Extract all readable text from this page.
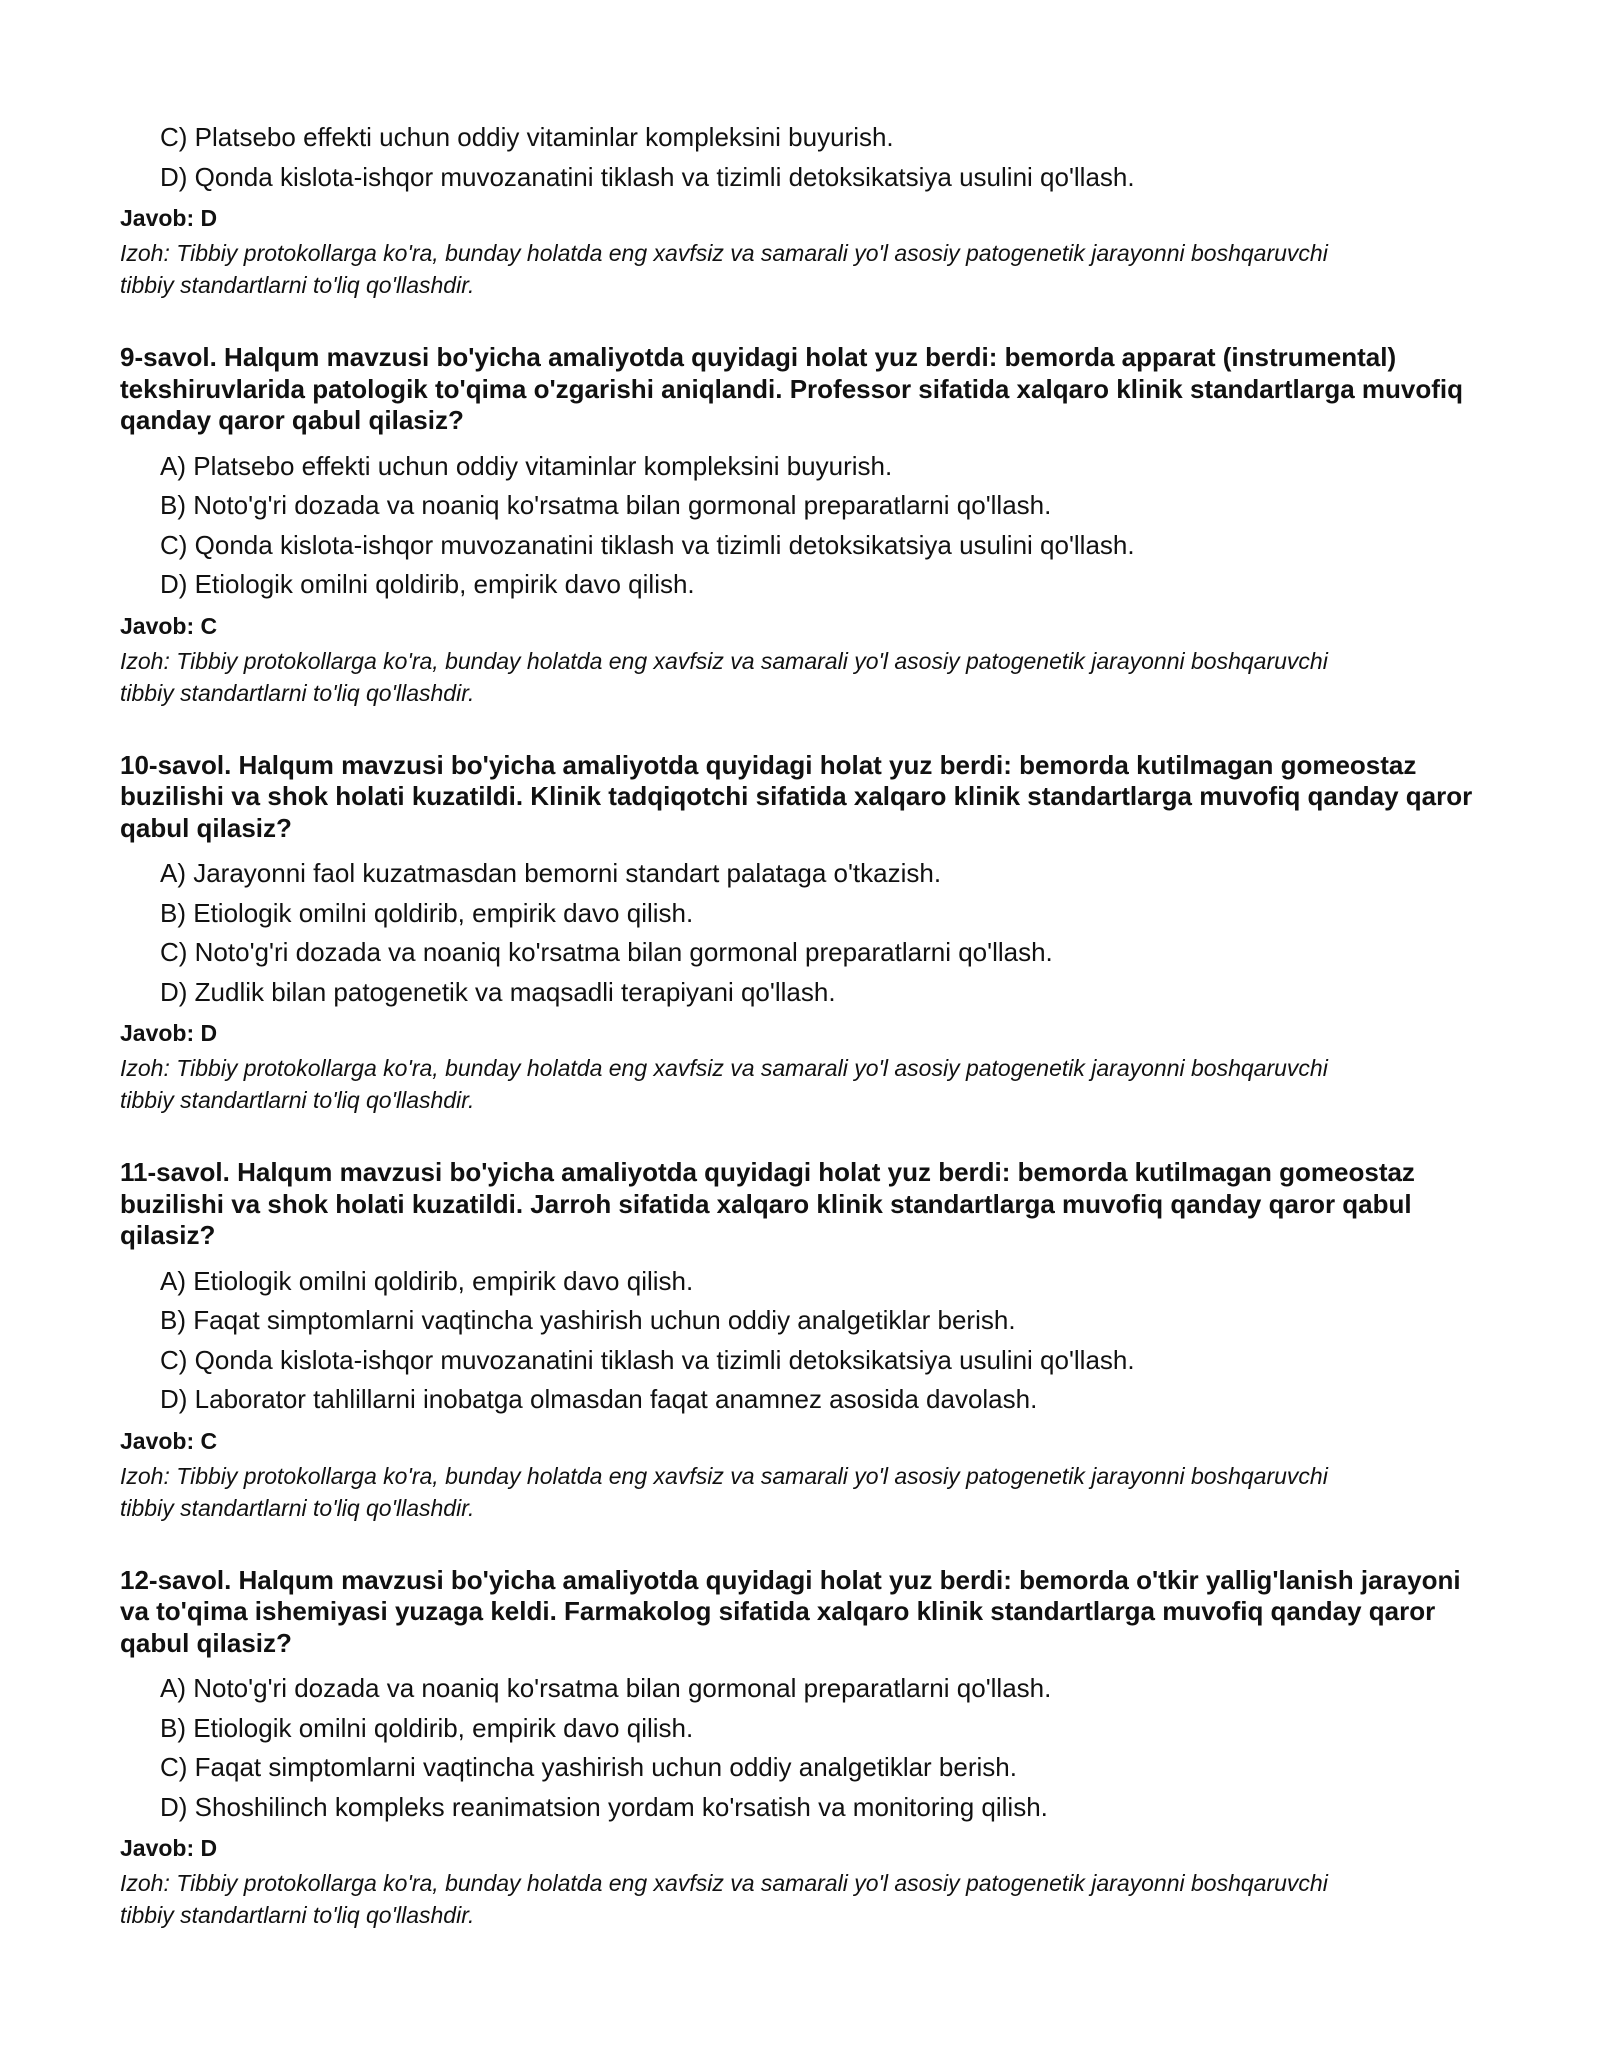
C) Platsebo effekti uchun oddiy vitaminlar kompleksini buyurish.
D) Qonda kislota-ishqor muvozanatini tiklash va tizimli detoksikatsiya usulini qo'llash.
Javob: D
Izoh: Tibbiy protokollarga ko'ra, bunday holatda eng xavfsiz va samarali yo'l asosiy patogenetik jarayonni boshqaruvchi tibbiy standartlarni to'liq qo'llashdir.
9-savol. Halqum mavzusi bo'yicha amaliyotda quyidagi holat yuz berdi: bemorda apparat (instrumental) tekshiruvlarida patologik to'qima o'zgarishi aniqlandi. Professor sifatida xalqaro klinik standartlarga muvofiq qanday qaror qabul qilasiz?
A) Platsebo effekti uchun oddiy vitaminlar kompleksini buyurish.
B) Noto'g'ri dozada va noaniq ko'rsatma bilan gormonal preparatlarni qo'llash.
C) Qonda kislota-ishqor muvozanatini tiklash va tizimli detoksikatsiya usulini qo'llash.
D) Etiologik omilni qoldirib, empirik davo qilish.
Javob: C
Izoh: Tibbiy protokollarga ko'ra, bunday holatda eng xavfsiz va samarali yo'l asosiy patogenetik jarayonni boshqaruvchi tibbiy standartlarni to'liq qo'llashdir.
10-savol. Halqum mavzusi bo'yicha amaliyotda quyidagi holat yuz berdi: bemorda kutilmagan gomeostaz buzilishi va shok holati kuzatildi. Klinik tadqiqotchi sifatida xalqaro klinik standartlarga muvofiq qanday qaror qabul qilasiz?
A) Jarayonni faol kuzatmasdan bemorni standart palataga o'tkazish.
B) Etiologik omilni qoldirib, empirik davo qilish.
C) Noto'g'ri dozada va noaniq ko'rsatma bilan gormonal preparatlarni qo'llash.
D) Zudlik bilan patogenetik va maqsadli terapiyani qo'llash.
Javob: D
Izoh: Tibbiy protokollarga ko'ra, bunday holatda eng xavfsiz va samarali yo'l asosiy patogenetik jarayonni boshqaruvchi tibbiy standartlarni to'liq qo'llashdir.
11-savol. Halqum mavzusi bo'yicha amaliyotda quyidagi holat yuz berdi: bemorda kutilmagan gomeostaz buzilishi va shok holati kuzatildi. Jarroh sifatida xalqaro klinik standartlarga muvofiq qanday qaror qabul qilasiz?
A) Etiologik omilni qoldirib, empirik davo qilish.
B) Faqat simptomlarni vaqtincha yashirish uchun oddiy analgetiklar berish.
C) Qonda kislota-ishqor muvozanatini tiklash va tizimli detoksikatsiya usulini qo'llash.
D) Laborator tahlillarni inobatga olmasdan faqat anamnez asosida davolash.
Javob: C
Izoh: Tibbiy protokollarga ko'ra, bunday holatda eng xavfsiz va samarali yo'l asosiy patogenetik jarayonni boshqaruvchi tibbiy standartlarni to'liq qo'llashdir.
12-savol. Halqum mavzusi bo'yicha amaliyotda quyidagi holat yuz berdi: bemorda o'tkir yallig'lanish jarayoni va to'qima ishemiyasi yuzaga keldi. Farmakolog sifatida xalqaro klinik standartlarga muvofiq qanday qaror qabul qilasiz?
A) Noto'g'ri dozada va noaniq ko'rsatma bilan gormonal preparatlarni qo'llash.
B) Etiologik omilni qoldirib, empirik davo qilish.
C) Faqat simptomlarni vaqtincha yashirish uchun oddiy analgetiklar berish.
D) Shoshilinch kompleks reanimatsion yordam ko'rsatish va monitoring qilish.
Javob: D
Izoh: Tibbiy protokollarga ko'ra, bunday holatda eng xavfsiz va samarali yo'l asosiy patogenetik jarayonni boshqaruvchi tibbiy standartlarni to'liq qo'llashdir.
